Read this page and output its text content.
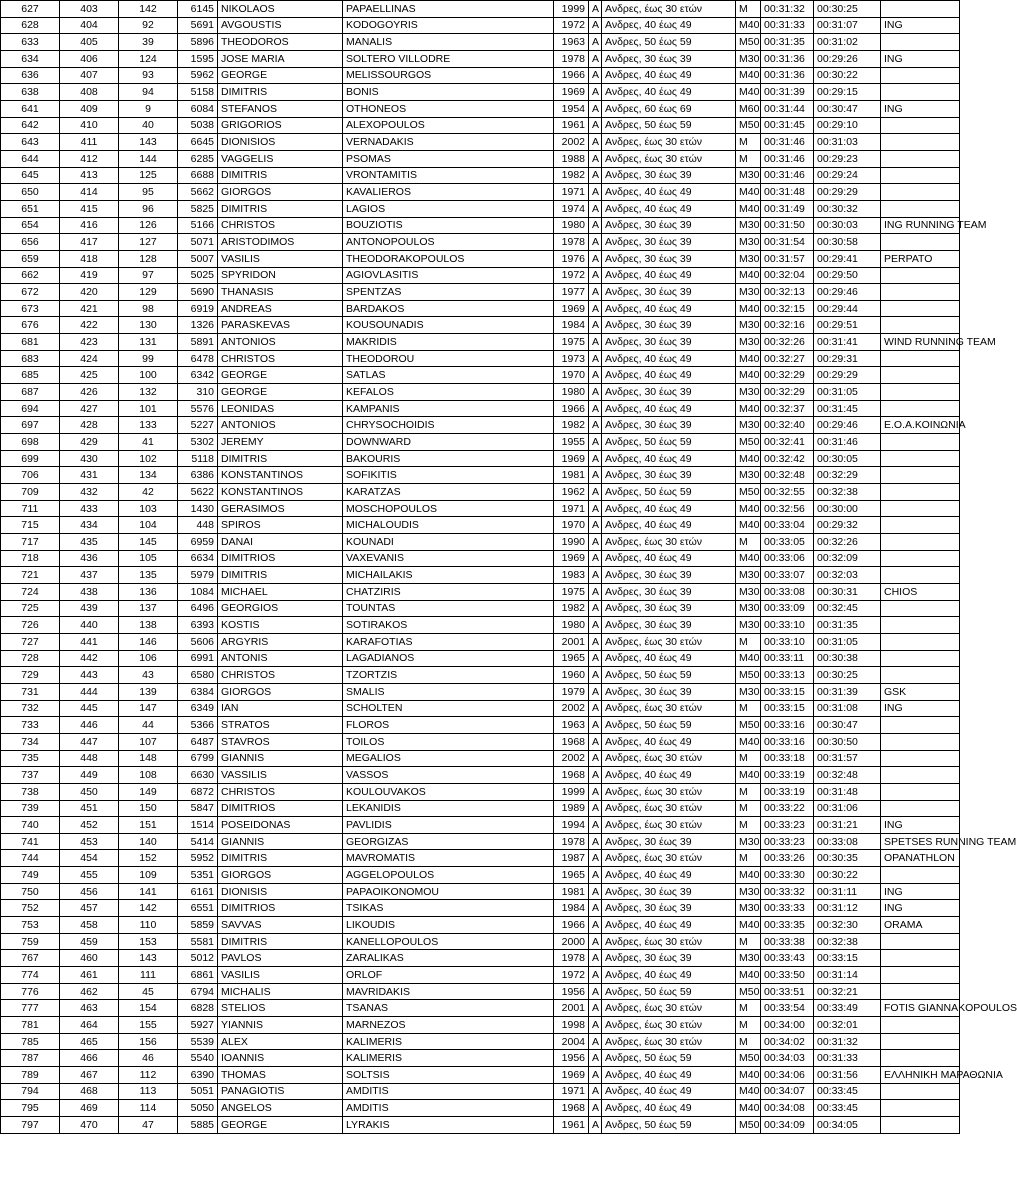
627	403	142	6145	NIKOLAOS	PAPAELLINAS	1999	A	Ανδρες, έως 30 ετών	M	00:31:32	00:30:25	
628	404	92	5691	AVGOUSTIS	KODOGOYRIS	1972	A	Ανδρες, 40 έως 49	M40	00:31:33	00:31:07	ING
633	405	39	5896	THEODOROS	MANALIS	1963	A	Ανδρες, 50 έως 59	M50	00:31:35	00:31:02	
634	406	124	1595	JOSE MARIA	SOLTERO VILLODRE	1978	A	Ανδρες, 30 έως 39	M30	00:31:36	00:29:26	ING
636	407	93	5962	GEORGE	MELISSOURGOS	1966	A	Ανδρες, 40 έως 49	M40	00:31:36	00:30:22	
638	408	94	5158	DIMITRIS	BONIS	1969	A	Ανδρες, 40 έως 49	M40	00:31:39	00:29:15	
641	409	9	6084	STEFANOS	OTHONEOS	1954	A	Ανδρες, 60 έως 69	M60	00:31:44	00:30:47	ING
642	410	40	5038	GRIGORIOS	ALEXOPOULOS	1961	A	Ανδρες, 50 έως 59	M50	00:31:45	00:29:10	
643	411	143	6645	DIONISIOS	VERNADAKIS	2002	A	Ανδρες, έως 30 ετών	M	00:31:46	00:31:03	
644	412	144	6285	VAGGELIS	PSOMAS	1988	A	Ανδρες, έως 30 ετών	M	00:31:46	00:29:23	
645	413	125	6688	DIMITRIS	VRONTAMITIS	1982	A	Ανδρες, 30 έως 39	M30	00:31:46	00:29:24	
650	414	95	5662	GIORGOS	KAVALIEROS	1971	A	Ανδρες, 40 έως 49	M40	00:31:48	00:29:29	
651	415	96	5825	DIMITRIS	LAGIOS	1974	A	Ανδρες, 40 έως 49	M40	00:31:49	00:30:32	
654	416	126	5166	CHRISTOS	BOUZIOTIS	1980	A	Ανδρες, 30 έως 39	M30	00:31:50	00:30:03	ING RUNNING TEAM
656	417	127	5071	ARISTODIMOS	ANTONOPOULOS	1978	A	Ανδρες, 30 έως 39	M30	00:31:54	00:30:58	
659	418	128	5007	VASILIS	THEODORAKOPOULOS	1976	A	Ανδρες, 30 έως 39	M30	00:31:57	00:29:41	PERPATO
662	419	97	5025	SPYRIDON	AGIOVLASITIS	1972	A	Ανδρες, 40 έως 49	M40	00:32:04	00:29:50	
672	420	129	5690	THANASIS	SPENTZAS	1977	A	Ανδρες, 30 έως 39	M30	00:32:13	00:29:46	
673	421	98	6919	ANDREAS	BARDAKOS	1969	A	Ανδρες, 40 έως 49	M40	00:32:15	00:29:44	
676	422	130	1326	PARASKEVAS	KOUSOUNADIS	1984	A	Ανδρες, 30 έως 39	M30	00:32:16	00:29:51	
681	423	131	5891	ANTONIOS	MAKRIDIS	1975	A	Ανδρες, 30 έως 39	M30	00:32:26	00:31:41	WIND RUNNING TEAM
683	424	99	6478	CHRISTOS	THEODOROU	1973	A	Ανδρες, 40 έως 49	M40	00:32:27	00:29:31	
685	425	100	6342	GEORGE	SATLAS	1970	A	Ανδρες, 40 έως 49	M40	00:32:29	00:29:29	
687	426	132	310	GEORGE	KEFALOS	1980	A	Ανδρες, 30 έως 39	M30	00:32:29	00:31:05	
694	427	101	5576	LEONIDAS	KAMPANIS	1966	A	Ανδρες, 40 έως 49	M40	00:32:37	00:31:45	
697	428	133	5227	ANTONIOS	CHRYSOCHOIDIS	1982	A	Ανδρες, 30 έως 39	M30	00:32:40	00:29:46	Ε.Ο.Α.ΚΟΙΝΩΝΙΑ
698	429	41	5302	JEREMY	DOWNWARD	1955	A	Ανδρες, 50 έως 59	M50	00:32:41	00:31:46	
699	430	102	5118	DIMITRIS	BAKOURIS	1969	A	Ανδρες, 40 έως 49	M40	00:32:42	00:30:05	
706	431	134	6386	KONSTANTINOS	SOFIKITIS	1981	A	Ανδρες, 30 έως 39	M30	00:32:48	00:32:29	
709	432	42	5622	KONSTANTINOS	KARATZAS	1962	A	Ανδρες, 50 έως 59	M50	00:32:55	00:32:38	
711	433	103	1430	GERASIMOS	MOSCHOPOULOS	1971	A	Ανδρες, 40 έως 49	M40	00:32:56	00:30:00	
715	434	104	448	SPIROS	MICHALOUDIS	1970	A	Ανδρες, 40 έως 49	M40	00:33:04	00:29:32	
717	435	145	6959	DANAI	KOUNADI	1990	A	Ανδρες, έως 30 ετών	M	00:33:05	00:32:26	
718	436	105	6634	DIMITRIOS	VAXEVANIS	1969	A	Ανδρες, 40 έως 49	M40	00:33:06	00:32:09	
721	437	135	5979	DIMITRIS	MICHAILAKIS	1983	A	Ανδρες, 30 έως 39	M30	00:33:07	00:32:03	
724	438	136	1084	MICHAEL	CHATZIRIS	1975	A	Ανδρες, 30 έως 39	M30	00:33:08	00:30:31	CHIOS
725	439	137	6496	GEORGIOS	TOUNTAS	1982	A	Ανδρες, 30 έως 39	M30	00:33:09	00:32:45	
726	440	138	6393	KOSTIS	SOTIRAKOS	1980	A	Ανδρες, 30 έως 39	M30	00:33:10	00:31:35	
727	441	146	5606	ARGYRIS	KARAFOTIAS	2001	A	Ανδρες, έως 30 ετών	M	00:33:10	00:31:05	
728	442	106	6991	ANTONIS	LAGADIANOS	1965	A	Ανδρες, 40 έως 49	M40	00:33:11	00:30:38	
729	443	43	6580	CHRISTOS	TZORTZIS	1960	A	Ανδρες, 50 έως 59	M50	00:33:13	00:30:25	
731	444	139	6384	GIORGOS	SMALIS	1979	A	Ανδρες, 30 έως 39	M30	00:33:15	00:31:39	GSK
732	445	147	6349	IAN	SCHOLTEN	2002	A	Ανδρες, έως 30 ετών	M	00:33:15	00:31:08	ING
733	446	44	5366	STRATOS	FLOROS	1963	A	Ανδρες, 50 έως 59	M50	00:33:16	00:30:47	
734	447	107	6487	STAVROS	TOILOS	1968	A	Ανδρες, 40 έως 49	M40	00:33:16	00:30:50	
735	448	148	6799	GIANNIS	MEGALIOS	2002	A	Ανδρες, έως 30 ετών	M	00:33:18	00:31:57	
737	449	108	6630	VASSILIS	VASSOS	1968	A	Ανδρες, 40 έως 49	M40	00:33:19	00:32:48	
738	450	149	6872	CHRISTOS	KOULOUVAKOS	1999	A	Ανδρες, έως 30 ετών	M	00:33:19	00:31:48	
739	451	150	5847	DIMITRIOS	LEKANIDIS	1989	A	Ανδρες, έως 30 ετών	M	00:33:22	00:31:06	
740	452	151	1514	POSEIDONAS	PAVLIDIS	1994	A	Ανδρες, έως 30 ετών	M	00:33:23	00:31:21	ING
741	453	140	5414	GIANNIS	GEORGIZAS	1978	A	Ανδρες, 30 έως 39	M30	00:33:23	00:33:08	SPETSES RUNNING TEAM
744	454	152	5952	DIMITRIS	MAVROMATIS	1987	A	Ανδρες, έως 30 ετών	M	00:33:26	00:30:35	OPANATHLON
749	455	109	5351	GIORGOS	AGGELOPOULOS	1965	A	Ανδρες, 40 έως 49	M40	00:33:30	00:30:22	
750	456	141	6161	DIONISIS	PAPAOIKONOMOU	1981	A	Ανδρες, 30 έως 39	M30	00:33:32	00:31:11	ING
752	457	142	6551	DIMITRIOS	TSIKAS	1984	A	Ανδρες, 30 έως 39	M30	00:33:33	00:31:12	ING
753	458	110	5859	SAVVAS	LIKOUDIS	1966	A	Ανδρες, 40 έως 49	M40	00:33:35	00:32:30	ORAMA
759	459	153	5581	DIMITRIS	KANELLOPOULOS	2000	A	Ανδρες, έως 30 ετών	M	00:33:38	00:32:38	
767	460	143	5012	PAVLOS	ZARALIKAS	1978	A	Ανδρες, 30 έως 39	M30	00:33:43	00:33:15	
774	461	111	6861	VASILIS	ORLOF	1972	A	Ανδρες, 40 έως 49	M40	00:33:50	00:31:14	
776	462	45	6794	MICHALIS	MAVRIDAKIS	1956	A	Ανδρες, 50 έως 59	M50	00:33:51	00:32:21	
777	463	154	6828	STELIOS	TSANAS	2001	A	Ανδρες, έως 30 ετών	M	00:33:54	00:33:49	FOTIS GIANNAKOPOULOS
781	464	155	5927	YIANNIS	MARNEZOS	1998	A	Ανδρες, έως 30 ετών	M	00:34:00	00:32:01	
785	465	156	5539	ALEX	KALIMERIS	2004	A	Ανδρες, έως 30 ετών	M	00:34:02	00:31:32	
787	466	46	5540	IOANNIS	KALIMERIS	1956	A	Ανδρες, 50 έως 59	M50	00:34:03	00:31:33	
789	467	112	6390	THOMAS	SOLTSIS	1969	A	Ανδρες, 40 έως 49	M40	00:34:06	00:31:56	ΕΛΛΗΝΙΚΗ ΜΑΡΑΘΩΝΙΑ
794	468	113	5051	PANAGIOTIS	AMDITIS	1971	A	Ανδρες, 40 έως 49	M40	00:34:07	00:33:45	
795	469	114	5050	ANGELOS	AMDITIS	1968	A	Ανδρες, 40 έως 49	M40	00:34:08	00:33:45	
797	470	47	5885	GEORGE	LYRAKIS	1961	A	Ανδρες, 50 έως 59	M50	00:34:09	00:34:05	
